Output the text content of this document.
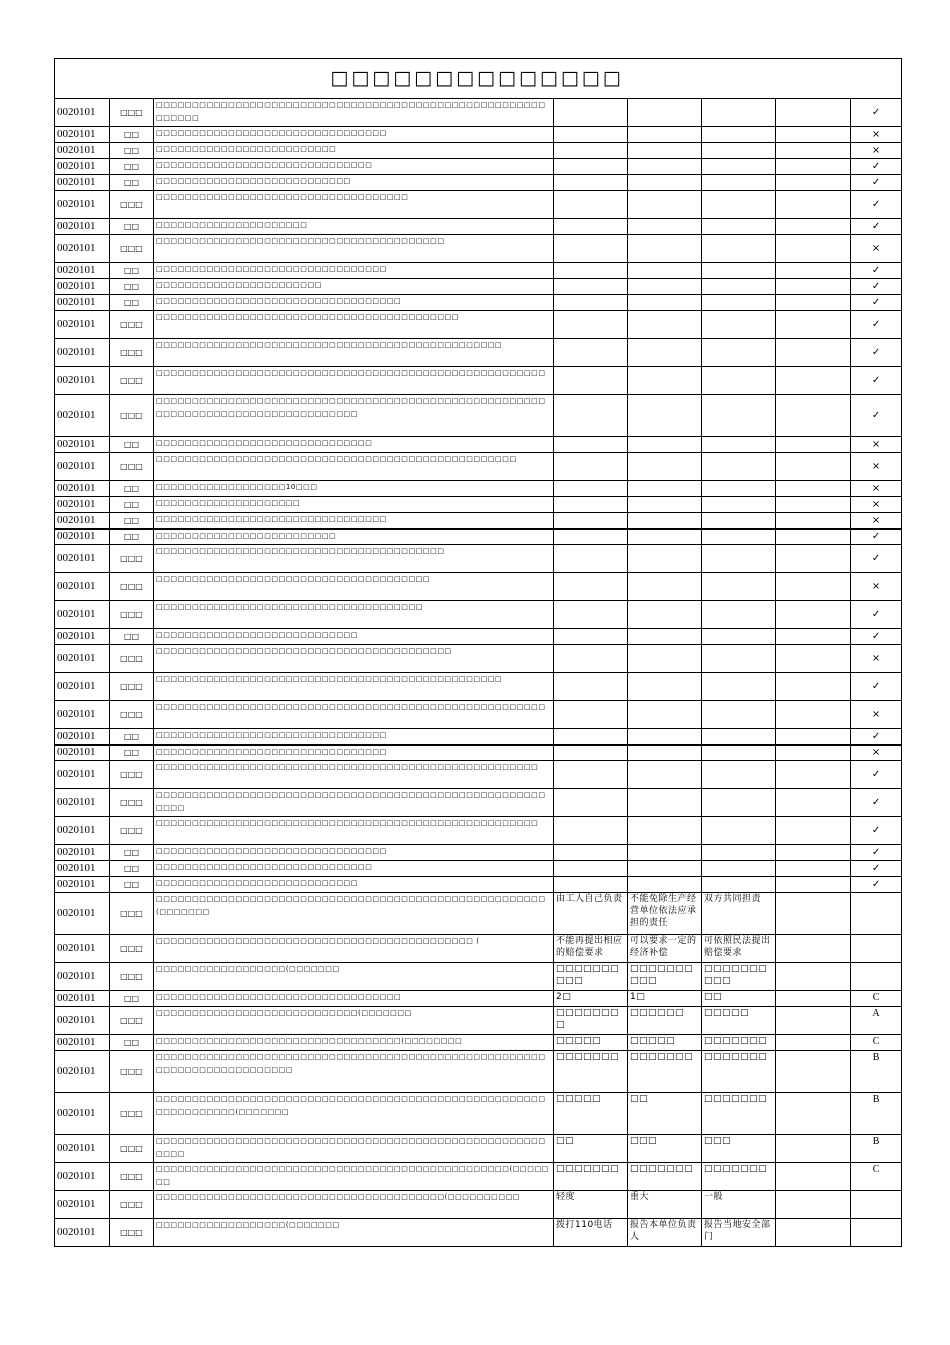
□□□□□□□□□□□□□□							
0020101	□□□	□□□□□□□□□□□□□□□□□□□□□□□□□□□□□□□□□□□□□□□□□□□□□□□□□□□□□□□□□□□□					✓
0020101	□□	□□□□□□□□□□□□□□□□□□□□□□□□□□□□□□□□					×
0020101	□□	□□□□□□□□□□□□□□□□□□□□□□□□□					×
0020101	□□	□□□□□□□□□□□□□□□□□□□□□□□□□□□□□□					✓
0020101	□□	□□□□□□□□□□□□□□□□□□□□□□□□□□□					✓
0020101	□□□	□□□□□□□□□□□□□□□□□□□□□□□□□□□□□□□□□□□					✓
0020101	□□	□□□□□□□□□□□□□□□□□□□□□					✓
0020101	□□□	□□□□□□□□□□□□□□□□□□□□□□□□□□□□□□□□□□□□□□□□					×
0020101	□□	□□□□□□□□□□□□□□□□□□□□□□□□□□□□□□□□					✓
0020101	□□	□□□□□□□□□□□□□□□□□□□□□□□					✓
0020101	□□	□□□□□□□□□□□□□□□□□□□□□□□□□□□□□□□□□□					✓
0020101	□□□	□□□□□□□□□□□□□□□□□□□□□□□□□□□□□□□□□□□□□□□□□□					✓
0020101	□□□	□□□□□□□□□□□□□□□□□□□□□□□□□□□□□□□□□□□□□□□□□□□□□□□□					✓
0020101	□□□	□□□□□□□□□□□□□□□□□□□□□□□□□□□□□□□□□□□□□□□□□□□□□□□□□□□□□□					✓
0020101	□□□	□□□□□□□□□□□□□□□□□□□□□□□□□□□□□□□□□□□□□□□□□□□□□□□□□□□□□□□□□□□□□□□□□□□□□□□□□□□□□□□□□□					✓
0020101	□□	□□□□□□□□□□□□□□□□□□□□□□□□□□□□□□					×
0020101	□□□	□□□□□□□□□□□□□□□□□□□□□□□□□□□□□□□□□□□□□□□□□□□□□□□□□□					×
0020101	□□	□□□□□□□□□□□□□□□□□□10□□□					×
0020101	□□	□□□□□□□□□□□□□□□□□□□□					×
0020101	□□	□□□□□□□□□□□□□□□□□□□□□□□□□□□□□□□□					×
0020101	□□	□□□□□□□□□□□□□□□□□□□□□□□□□					✓
0020101	□□□	□□□□□□□□□□□□□□□□□□□□□□□□□□□□□□□□□□□□□□□□					✓
0020101	□□□	□□□□□□□□□□□□□□□□□□□□□□□□□□□□□□□□□□□□□□					×
0020101	□□□	□□□□□□□□□□□□□□□□□□□□□□□□□□□□□□□□□□□□□					✓
0020101	□□	□□□□□□□□□□□□□□□□□□□□□□□□□□□□					✓
0020101	□□□	□□□□□□□□□□□□□□□□□□□□□□□□□□□□□□□□□□□□□□□□□					×
0020101	□□□	□□□□□□□□□□□□□□□□□□□□□□□□□□□□□□□□□□□□□□□□□□□□□□□□					✓
0020101	□□□	□□□□□□□□□□□□□□□□□□□□□□□□□□□□□□□□□□□□□□□□□□□□□□□□□□□□□□					×
0020101	□□	□□□□□□□□□□□□□□□□□□□□□□□□□□□□□□□□					✓
0020101	□□	□□□□□□□□□□□□□□□□□□□□□□□□□□□□□□□□					×
0020101	□□□	□□□□□□□□□□□□□□□□□□□□□□□□□□□□□□□□□□□□□□□□□□□□□□□□□□□□□					✓
0020101	□□□	□□□□□□□□□□□□□□□□□□□□□□□□□□□□□□□□□□□□□□□□□□□□□□□□□□□□□□□□□□					✓
0020101	□□□	□□□□□□□□□□□□□□□□□□□□□□□□□□□□□□□□□□□□□□□□□□□□□□□□□□□□□					✓
0020101	□□	□□□□□□□□□□□□□□□□□□□□□□□□□□□□□□□□					✓
0020101	□□	□□□□□□□□□□□□□□□□□□□□□□□□□□□□□□					✓
0020101	□□	□□□□□□□□□□□□□□□□□□□□□□□□□□□□					✓
0020101	□□□	□□□□□□□□□□□□□□□□□□□□□□□□□□□□□□□□□□□□□□□□□□□□□□□□□□□□□□(□□□□□□□	由工人自己负责	不能免除生产经营单位依法应承担的责任	双方共同担责		
0020101	□□□	□□□□□□□□□□□□□□□□□□□□□□□□□□□□□□□□□□□□□□□□□□□□ (	不能再提出相应的赔偿要求	可以要求一定的经济补偿	可依照民法提出赔偿要求		
0020101	□□□	□□□□□□□□□□□□□□□□□□(□□□□□□□	□□□□□□□□□□	□□□□□□□□□□	□□□□□□□□□□		
0020101	□□	□□□□□□□□□□□□□□□□□□□□□□□□□□□□□□□□□□	2□	1□	□□		C
0020101	□□□	□□□□□□□□□□□□□□□□□□□□□□□□□□□□(□□□□□□□	□□□□□□□□	□□□□□□	□□□□□		A
0020101	□□	□□□□□□□□□□□□□□□□□□□□□□□□□□□□□□□□□□(□□□□□□□□	□□□□□	□□□□□	□□□□□□□		C
0020101	□□□	□□□□□□□□□□□□□□□□□□□□□□□□□□□□□□□□□□□□□□□□□□□□□□□□□□□□□□□□□□□□□□□□□□□□□□□□□	□□□□□□□	□□□□□□□	□□□□□□□		B
0020101	□□□	□□□□□□□□□□□□□□□□□□□□□□□□□□□□□□□□□□□□□□□□□□□□□□□□□□□□□□□□□□□□□□□□□(□□□□□□□	□□□□□	□□	□□□□□□□		B
0020101	□□□	□□□□□□□□□□□□□□□□□□□□□□□□□□□□□□□□□□□□□□□□□□□□□□□□□□□□□□□□□□	□□	□□□	□□□		B
0020101	□□□	□□□□□□□□□□□□□□□□□□□□□□□□□□□□□□□□□□□□□□□□□□□□□□□□□(□□□□□□□	□□□□□□□	□□□□□□□	□□□□□□□		C
0020101	□□□	□□□□□□□□□□□□□□□□□□□□□□□□□□□□□□□□□□□□□□□□(□□□□□□□□□□	轻度	重大	一般		
0020101	□□□	□□□□□□□□□□□□□□□□□□(□□□□□□□	拨打110电话	报告本单位负责人	报告当地安全部门		
